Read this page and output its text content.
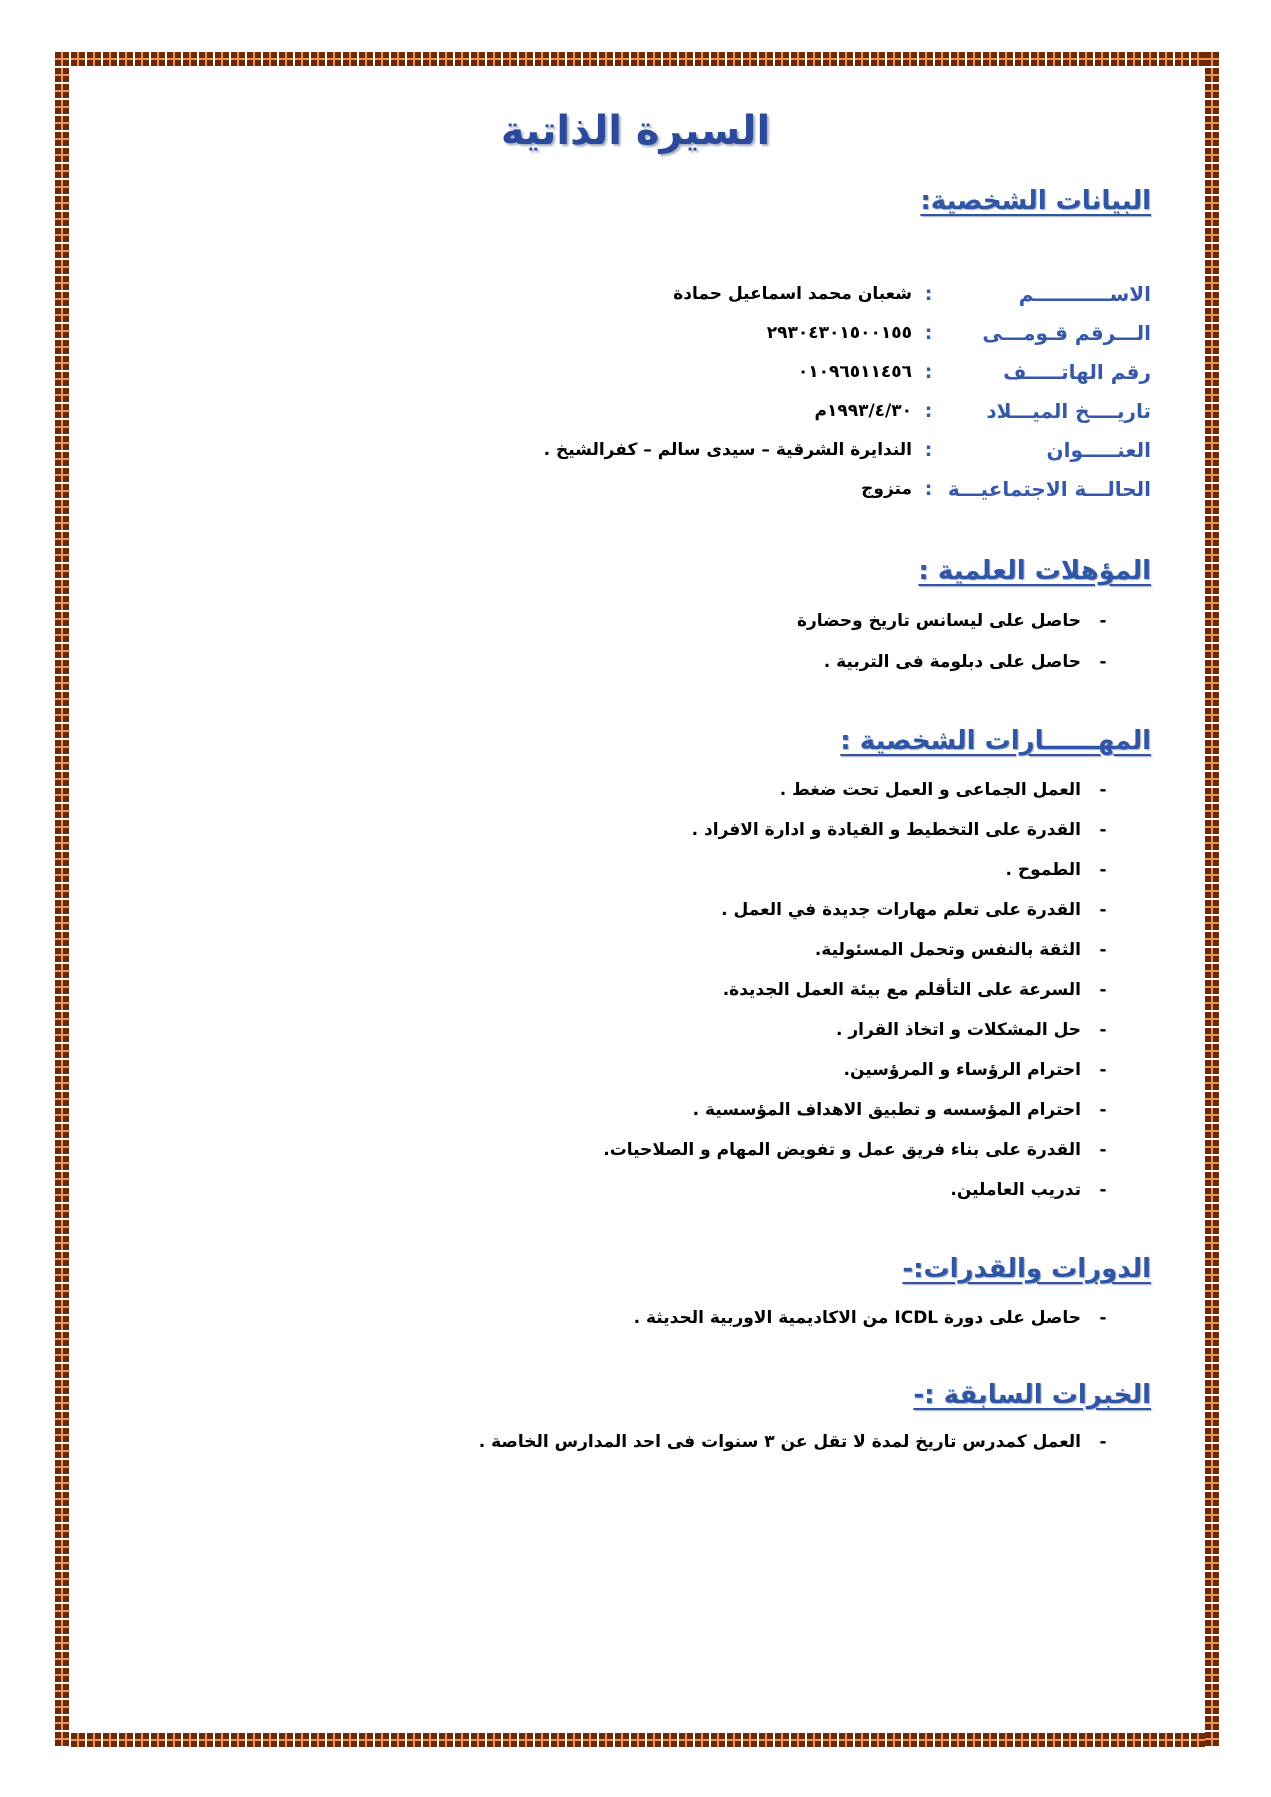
السيرة الذاتية
البيانات الشخصية:
الاســـــــــــم
:
شعبان محمد اسماعيل حمادة
الـــرقم قـومـــى
:
٢٩٣٠٤٣٠١٥٠٠١٥٥
رقم الهاتـــــف
:
٠١٠٩٦٥١١٤٥٦
تاريــــخ الميـــلاد
:
١٩٩٣/٤/٣٠م
العنـــــوان
:
الندايرة الشرقية – سيدى سالم – كفرالشيخ .
الحالـــة الاجتماعيـــة
:
متزوج
المؤهلات العلمية :
-
حاصل على ليسانس تاريخ وحضارة
-
حاصل على دبلومة فى التربية .
المهــــــارات الشخصية :
-
العمل الجماعى و العمل تحت ضغط .
-
القدرة على التخطيط و القيادة و ادارة الافراد .
-
الطموح .
-
القدرة على تعلم مهارات جديدة في العمل .
-
الثقة بالنفس وتحمل المسئولية.
-
السرعة على التأقلم مع بيئة العمل الجديدة.
-
حل المشكلات و اتخاذ القرار .
-
احترام الرؤساء و المرؤسين.
-
احترام المؤسسه و تطبيق الاهداف المؤسسية .
-
القدرة على بناء فريق عمل و تفويض المهام و الصلاحيات.
-
تدريب العاملين.
الدورات والقدرات:-
-
حاصل على دورة ICDL من الاكاديمية الاوربية الحديثة .
الخبرات السابقة :-
-
العمل كمدرس تاريخ لمدة لا تقل عن ٣ سنوات فى احد المدارس الخاصة .
